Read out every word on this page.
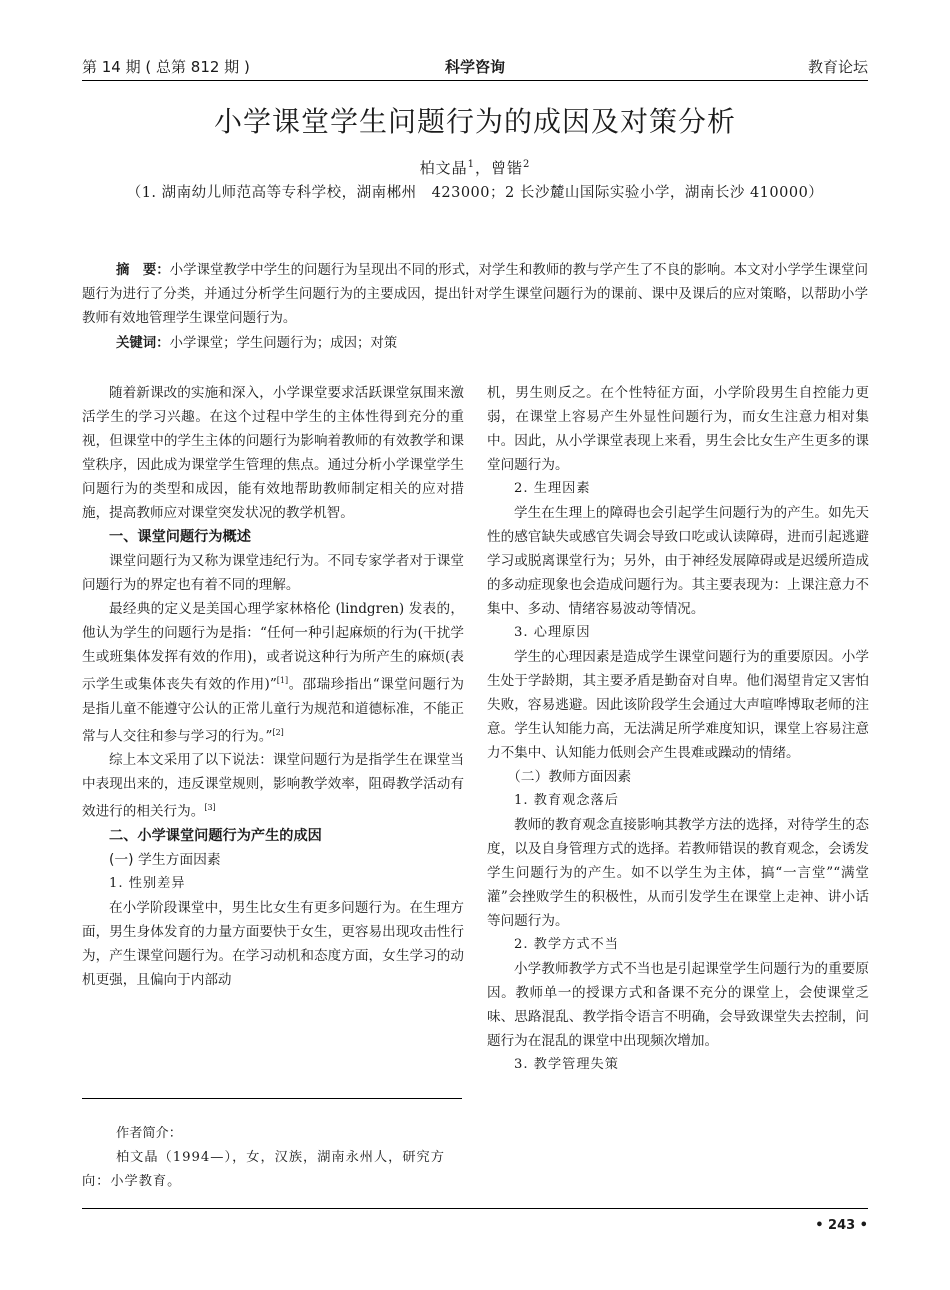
第 14 期 ( 总第 812 期 )	科学咨询	教育论坛
小学课堂学生问题行为的成因及对策分析
柏文晶$^1$，曾锴$^2$
（1. 湖南幼儿师范高等专科学校，湖南郴州　423000；2 长沙麓山国际实验小学，湖南长沙 410000）
摘　要：小学课堂教学中学生的问题行为呈现出不同的形式，对学生和教师的教与学产生了不良的影响。本文对小学学生课堂问题行为进行了分类，并通过分析学生问题行为的主要成因，提出针对学生课堂问题行为的课前、课中及课后的应对策略，以帮助小学教师有效地管理学生课堂问题行为。
关键词：小学课堂；学生问题行为；成因；对策

随着新课改的实施和深入，小学课堂要求活跃课堂氛围来激活学生的学习兴趣。在这个过程中学生的主体性得到充分的重视，但课堂中的学生主体的问题行为影响着教师的有效教学和课堂秩序，因此成为课堂学生管理的焦点。通过分析小学课堂学生问题行为的类型和成因，能有效地帮助教师制定相关的应对措施，提高教师应对课堂突发状况的教学机智。

一、课堂问题行为概述

课堂问题行为又称为课堂违纪行为。不同专家学者对于课堂问题行为的界定也有着不同的理解。

最经典的定义是美国心理学家林格伦 (lindgren) 发表的，他认为学生的问题行为是指：“任何一种引起麻烦的行为(干扰学生或班集体发挥有效的作用)，或者说这种行为所产生的麻烦(表示学生或集体丧失有效的作用)”[1]。邵瑞珍指出“课堂问题行为是指儿童不能遵守公认的正常儿童行为规范和道德标准，不能正常与人交往和参与学习的行为。”[2]

综上本文采用了以下说法：课堂问题行为是指学生在课堂当中表现出来的，违反课堂规则，影响教学效率，阻碍教学活动有效进行的相关行为。[3]

二、小学课堂问题行为产生的成因
(一) 学生方面因素
1. 性别差异

在小学阶段课堂中，男生比女生有更多问题行为。在生理方面，男生身体发育的力量方面要快于女生，更容易出现攻击性行为，产生课堂问题行为。在学习动机和态度方面，女生学习的动机更强，且偏向于内部动

机，男生则反之。在个性特征方面，小学阶段男生自控能力更弱，在课堂上容易产生外显性问题行为，而女生注意力相对集中。因此，从小学课堂表现上来看，男生会比女生产生更多的课堂问题行为。

2. 生理因素

学生在生理上的障碍也会引起学生问题行为的产生。如先天性的感官缺失或感官失调会导致口吃或认读障碍，进而引起逃避学习或脱离课堂行为；另外，由于神经发展障碍或是迟缓所造成的多动症现象也会造成问题行为。其主要表现为：上课注意力不集中、多动、情绪容易波动等情况。

3. 心理原因

学生的心理因素是造成学生课堂问题行为的重要原因。小学生处于学龄期，其主要矛盾是勤奋对自卑。他们渴望肯定又害怕失败，容易逃避。因此该阶段学生会通过大声喧哗博取老师的注意。学生认知能力高，无法满足所学难度知识，课堂上容易注意力不集中、认知能力低则会产生畏难或躁动的情绪。

（二）教师方面因素
1. 教育观念落后

教师的教育观念直接影响其教学方法的选择，对待学生的态度，以及自身管理方式的选择。若教师错误的教育观念，会诱发学生问题行为的产生。如不以学生为主体，搞“一言堂”“满堂灌”会挫败学生的积极性，从而引发学生在课堂上走神、讲小话等问题行为。

2. 教学方式不当

小学教师教学方式不当也是引起课堂学生问题行为的重要原因。教师单一的授课方式和备课不充分的课堂上，会使课堂乏味、思路混乱、教学指令语言不明确，会导致课堂失去控制，问题行为在混乱的课堂中出现频次增加。

3. 教学管理失策
作者简介：
柏文晶（1994—），女，汉族，湖南永州人，研究方向：小学教育。
• 243 •
